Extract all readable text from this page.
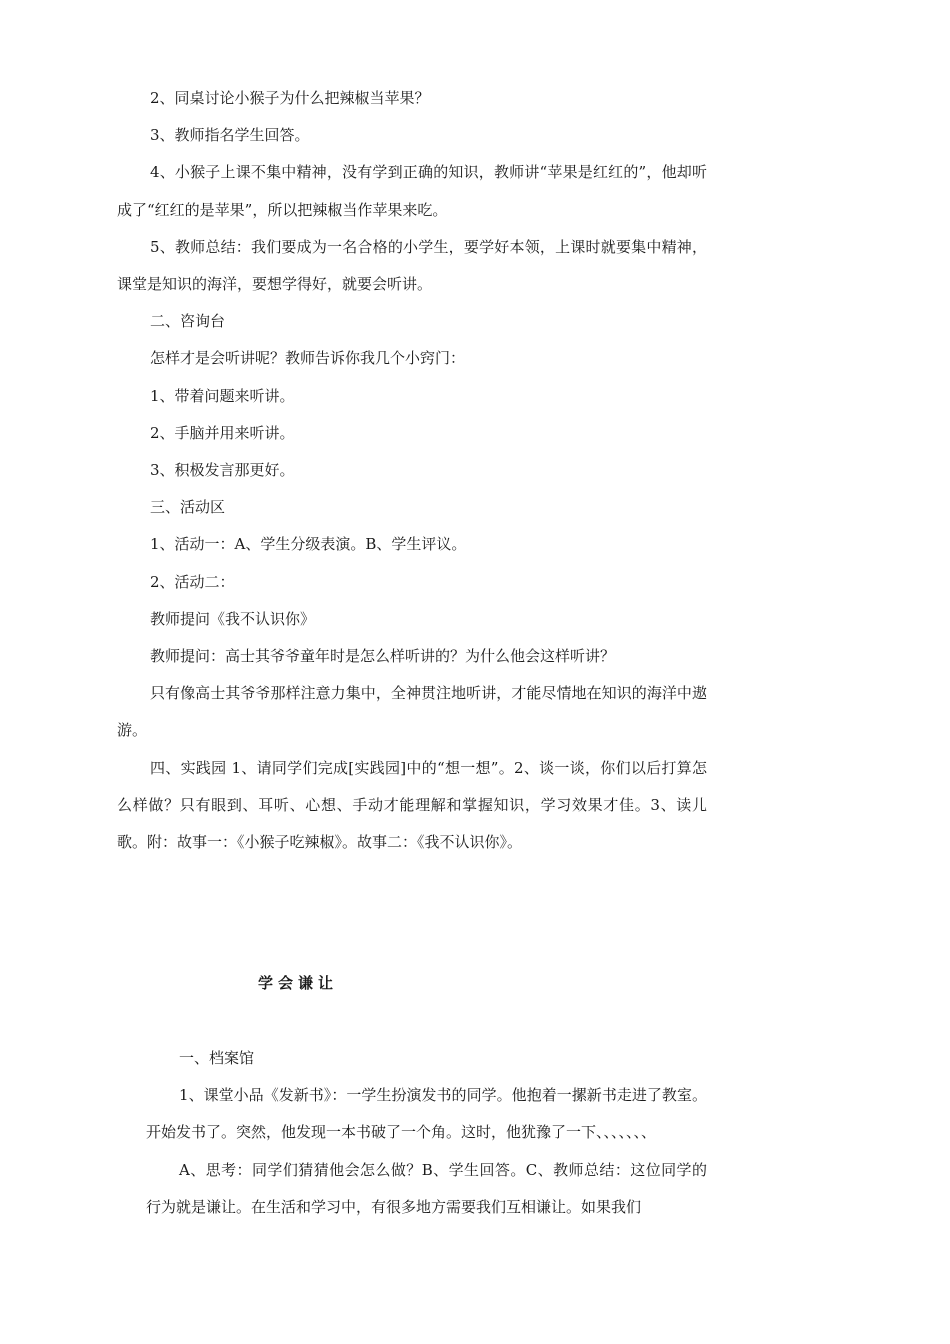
2、同桌讨论小猴子为什么把辣椒当苹果？

3、教师指名学生回答。

4、小猴子上课不集中精神，没有学到正确的知识，教师讲“苹果是红红的”，他却听成了“红红的是苹果”，所以把辣椒当作苹果来吃。

5、教师总结：我们要成为一名合格的小学生，要学好本领，上课时就要集中精神，课堂是知识的海洋，要想学得好，就要会听讲。

二、咨询台

怎样才是会听讲呢？教师告诉你我几个小窍门：

1、带着问题来听讲。

2、手脑并用来听讲。

3、积极发言那更好。

三、活动区

1、活动一：A、学生分级表演。B、学生评议。

2、活动二：

教师提问《我不认识你》

教师提问：高士其爷爷童年时是怎么样听讲的？为什么他会这样听讲？

只有像高士其爷爷那样注意力集中，全神贯注地听讲，才能尽情地在知识的海洋中遨游。

四、实践园 1、请同学们完成[实践园]中的“想一想”。2、谈一谈，你们以后打算怎么样做？只有眼到、耳听、心想、手动才能理解和掌握知识，学习效果才佳。3、读儿歌。附：故事一：《小猴子吃辣椒》。故事二：《我不认识你》。

学会谦让

一、档案馆

1、课堂小品《发新书》：一学生扮演发书的同学。他抱着一摞新书走进了教室。开始发书了。突然，他发现一本书破了一个角。这时，他犹豫了一下、、、、、、、

A、思考：同学们猜猜他会怎么做？B、学生回答。C、教师总结：这位同学的行为就是谦让。在生活和学习中，有很多地方需要我们互相谦让。如果我们
